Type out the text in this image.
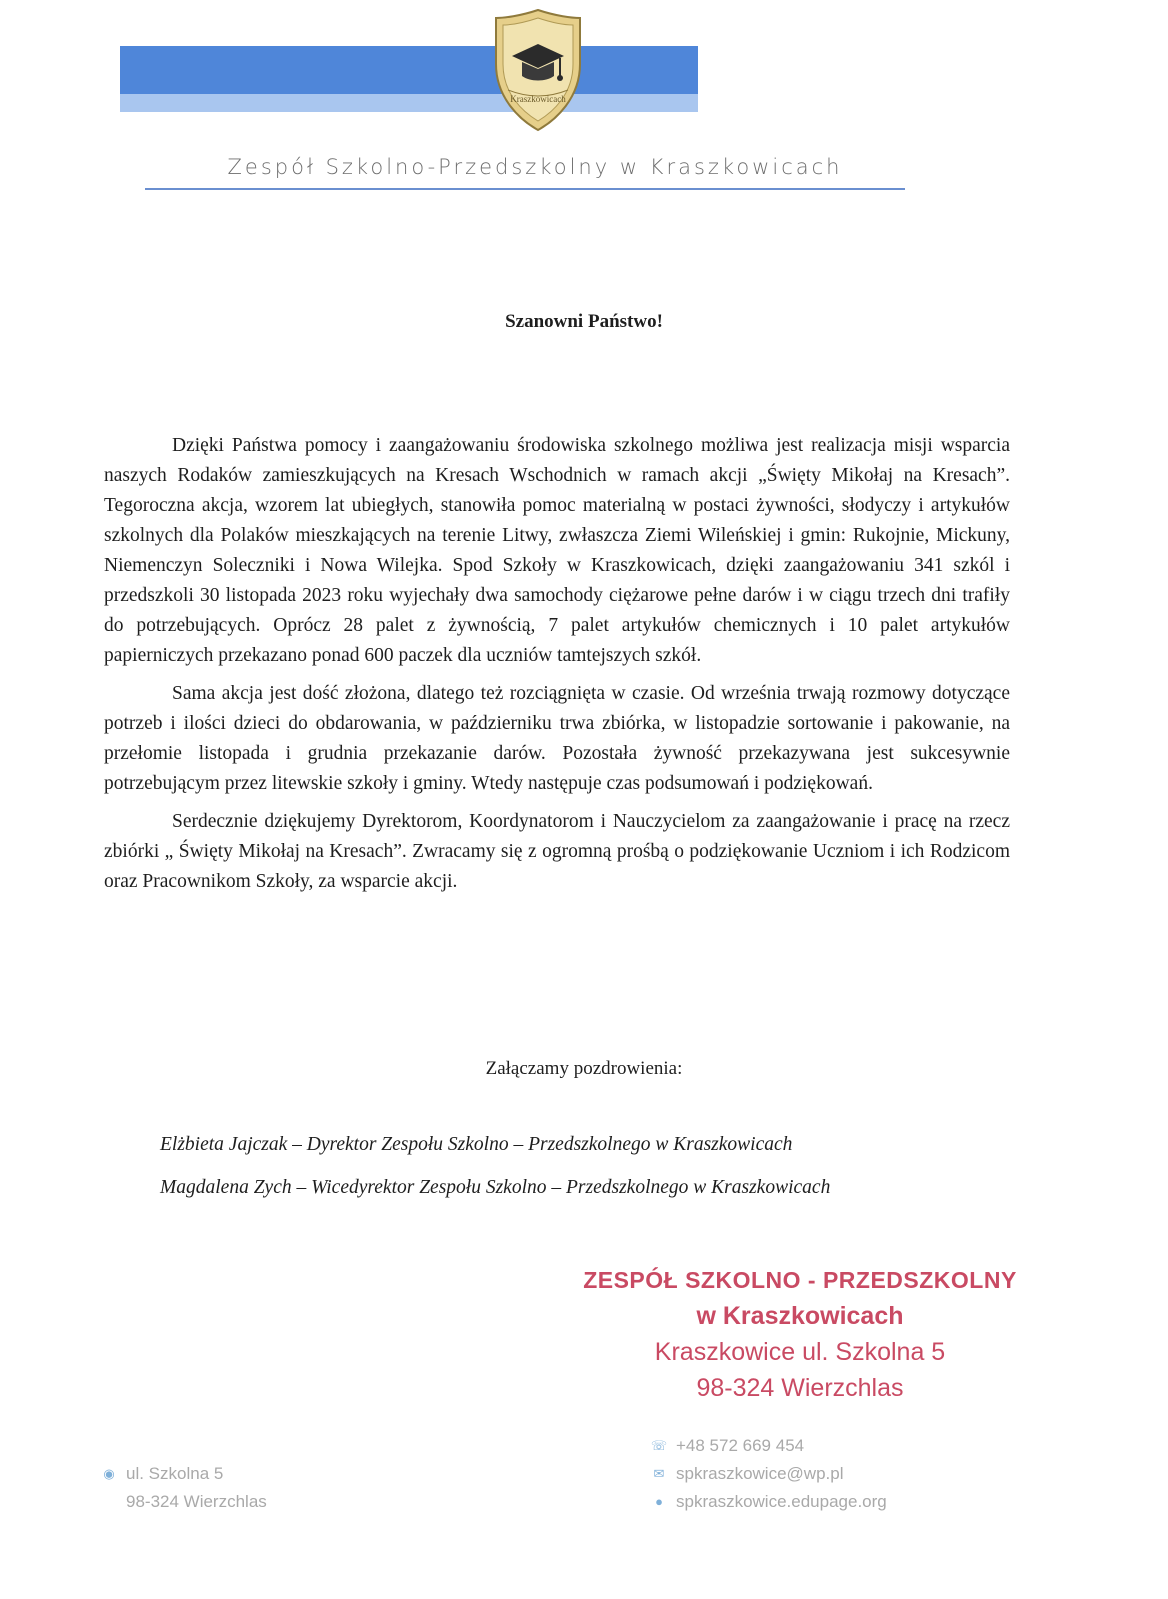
Kraszkowicach
Zespół Szkolno-Przedszkolny w Kraszkowicach
Szanowni Państwo!

Dzięki Państwa pomocy i zaangażowaniu środowiska szkolnego możliwa jest realizacja misji wsparcia naszych Rodaków zamieszkujących na Kresach Wschodnich w ramach akcji „Święty Mikołaj na Kresach”. Tegoroczna akcja, wzorem lat ubiegłych, stanowiła pomoc materialną w postaci żywności, słodyczy i artykułów szkolnych dla Polaków mieszkających na terenie Litwy, zwłaszcza Ziemi Wileńskiej i gmin: Rukojnie, Mickuny, Niemenczyn Soleczniki i Nowa Wilejka. Spod Szkoły w Kraszkowicach, dzięki zaangażowaniu 341 szkól i przedszkoli 30 listopada 2023 roku wyjechały dwa samochody ciężarowe pełne darów i w ciągu trzech dni trafiły do potrzebujących. Oprócz 28 palet z żywnością, 7 palet artykułów chemicznych i 10 palet artykułów papierniczych przekazano ponad 600 paczek dla uczniów tamtejszych szkół.

Sama akcja jest dość złożona, dlatego też rozciągnięta w czasie. Od września trwają rozmowy dotyczące potrzeb i ilości dzieci do obdarowania, w październiku trwa zbiórka, w listopadzie sortowanie i pakowanie, na przełomie listopada i grudnia przekazanie darów. Pozostała żywność przekazywana jest sukcesywnie potrzebującym przez litewskie szkoły i gminy. Wtedy następuje czas podsumowań i podziękowań.

Serdecznie dziękujemy Dyrektorom, Koordynatorom i Nauczycielom za zaangażowanie i pracę na rzecz zbiórki „ Święty Mikołaj na Kresach”. Zwracamy się z ogromną prośbą o podziękowanie Uczniom i ich Rodzicom oraz Pracownikom Szkoły, za wsparcie akcji.

Załączamy pozdrowienia:
Elżbieta Jajczak – Dyrektor Zespołu Szkolno – Przedszkolnego w Kraszkowicach
Magdalena Zych – Wicedyrektor Zespołu Szkolno – Przedszkolnego w Kraszkowicach
ZESPÓŁ SZKOLNO - PRZEDSZKOLNY
w Kraszkowicach
Kraszkowice ul. Szkolna 5
98-324 Wierzchlas
◉ ul. Szkolna 5
98-324 Wierzchlas
☏ +48 572 669 454
✉ spkraszkowice@wp.pl
● spkraszkowice.edupage.org
